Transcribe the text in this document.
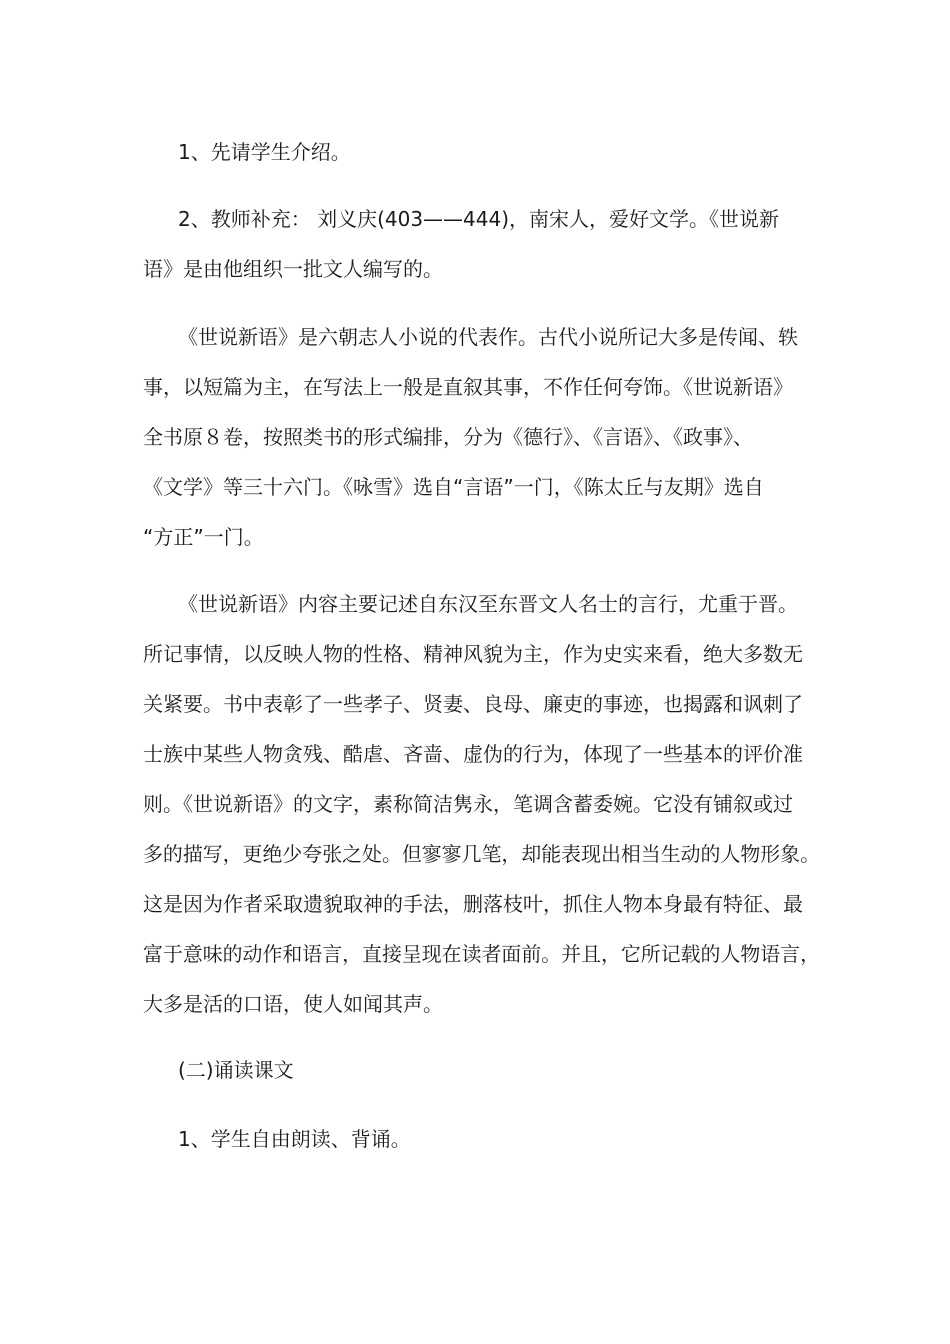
1、先请学生介绍。
2、教师补充： 刘义庆(403——444)，南宋人，爱好文学。《世说新
语》是由他组织一批文人编写的。
《世说新语》是六朝志人小说的代表作。古代小说所记大多是传闻、轶
事，以短篇为主，在写法上一般是直叙其事，不作任何夸饰。《世说新语》
全书原８卷，按照类书的形式编排，分为《德行》、《言语》、《政事》、
《文学》等三十六门。《咏雪》选自“言语”一门，《陈太丘与友期》选自
“方正”一门。
《世说新语》内容主要记述自东汉至东晋文人名士的言行，尤重于晋。
所记事情，以反映人物的性格、精神风貌为主，作为史实来看，绝大多数无
关紧要。书中表彰了一些孝子、贤妻、良母、廉吏的事迹，也揭露和讽刺了
士族中某些人物贪残、酷虐、吝啬、虚伪的行为，体现了一些基本的评价准
则。《世说新语》的文字，素称简洁隽永，笔调含蓄委婉。它没有铺叙或过
多的描写，更绝少夸张之处。但寥寥几笔，却能表现出相当生动的人物形象。
这是因为作者采取遗貌取神的手法，删落枝叶，抓住人物本身最有特征、最
富于意味的动作和语言，直接呈现在读者面前。并且，它所记载的人物语言，
大多是活的口语，使人如闻其声。
(二)诵读课文
1、学生自由朗读、背诵。
